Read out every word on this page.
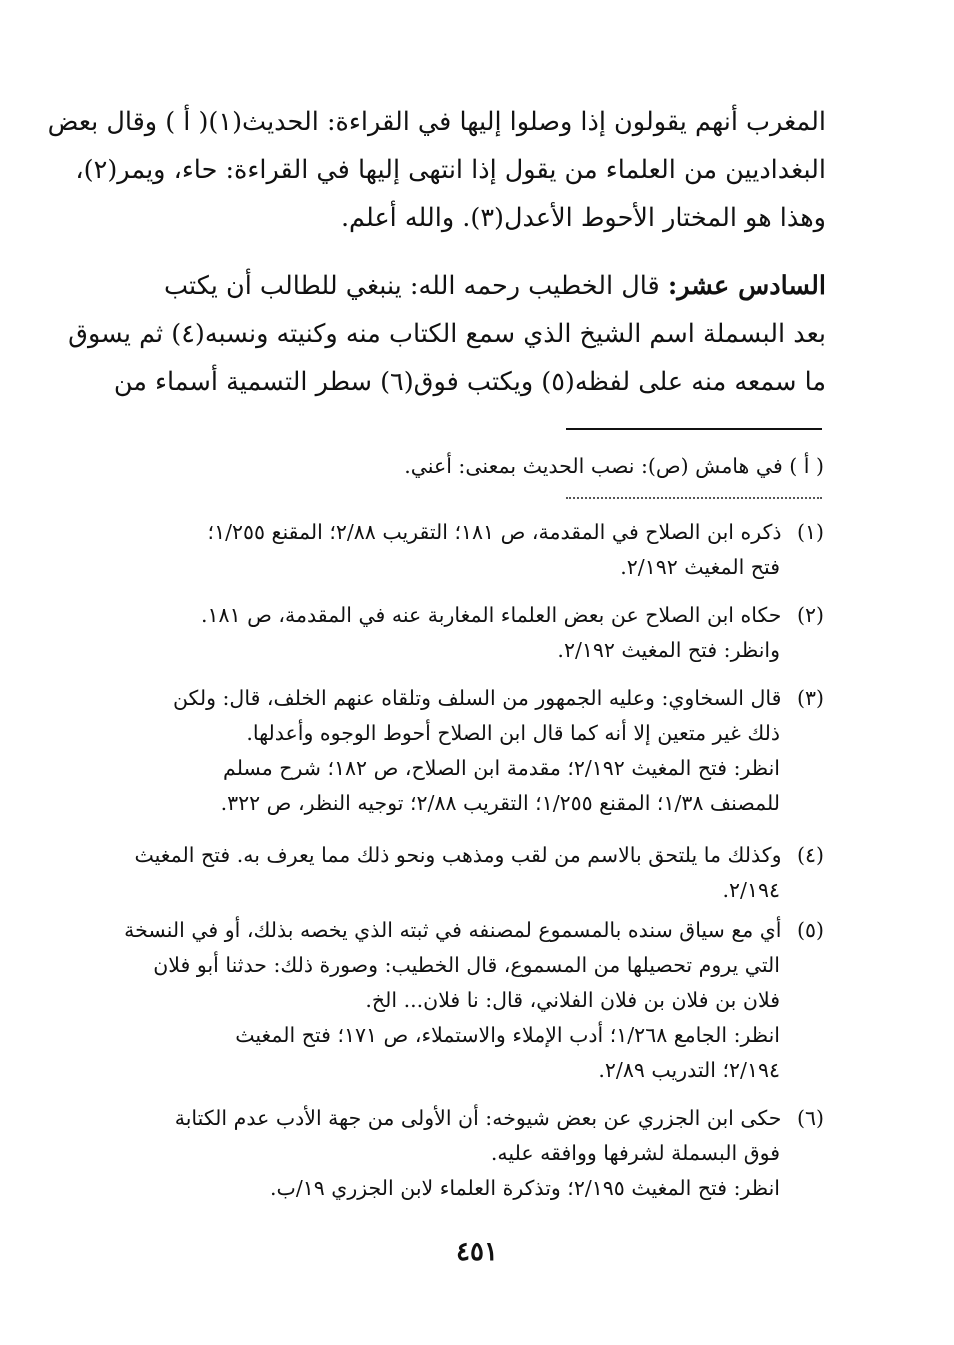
المغرب أنهم يقولون إذا وصلوا إليها في القراءة: الحديث(١)( أ ) وقال بعض
البغداديين من العلماء من يقول إذا انتهى إليها في القراءة: حاء، ويمر(٢)،
وهذا هو المختار الأحوط الأعدل(٣). والله أعلم.
السادس عشر: قال الخطيب رحمه الله: ينبغي للطالب أن يكتب
بعد البسملة اسم الشيخ الذي سمع الكتاب منه وكنيته ونسبه(٤) ثم يسوق
ما سمعه منه على لفظه(٥) ويكتب فوق(٦) سطر التسمية أسماء من
( أ ) في هامش (ص): نصب الحديث بمعنى: أعني.
(١) ذكره ابن الصلاح في المقدمة، ص ١٨١؛ التقريب ٢/٨٨؛ المقنع ١/٢٥٥؛
فتح المغيث ٢/١٩٢.
(٢) حكاه ابن الصلاح عن بعض العلماء المغاربة عنه في المقدمة، ص ١٨١.
وانظر: فتح المغيث ٢/١٩٢.
(٣) قال السخاوي: وعليه الجمهور من السلف وتلقاه عنهم الخلف، قال: ولكن
ذلك غير متعين إلا أنه كما قال ابن الصلاح أحوط الوجوه وأعدلها.
انظر: فتح المغيث ٢/١٩٢؛ مقدمة ابن الصلاح، ص ١٨٢؛ شرح مسلم
للمصنف ١/٣٨؛ المقنع ١/٢٥٥؛ التقريب ٢/٨٨؛ توجيه النظر، ص ٣٢٢.
(٤) وكذلك ما يلتحق بالاسم من لقب ومذهب ونحو ذلك مما يعرف به. فتح المغيث
٢/١٩٤.
(٥) أي مع سياق سنده بالمسموع لمصنفه في ثبته الذي يخصه بذلك، أو في النسخة
التي يروم تحصيلها من المسموع، قال الخطيب: وصورة ذلك: حدثنا أبو فلان
فلان بن فلان بن فلان الفلاني، قال: نا فلان... الخ.
انظر: الجامع ١/٢٦٨؛ أدب الإملاء والاستملاء، ص ١٧١؛ فتح المغيث
٢/١٩٤؛ التدريب ٢/٨٩.
(٦) حكى ابن الجزري عن بعض شيوخه: أن الأولى من جهة الأدب عدم الكتابة
فوق البسملة لشرفها ووافقه عليه.
انظر: فتح المغيث ٢/١٩٥؛ وتذكرة العلماء لابن الجزري ١٩/ب.
٤٥١
